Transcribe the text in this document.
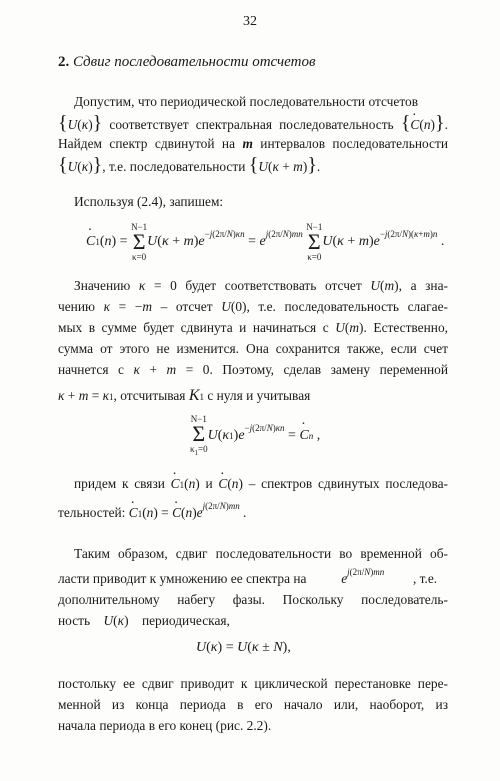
32
2. Сдвиг последовательности отсчетов
Допустим, что периодической последовательности отсчетов
{U(κ)} соответствует спектральная последовательность {· C(n)}.
Найдем спектр сдвинутой на m интервалов последовательности
{U(κ)}, т.е. последовательности {U(κ + m)}.
Используя (2.4), запишем:
· C1(n) = N−1
Σ
$\kappa=0U(\kappa + m)e^{-j(2\pi/N)\kappa n} = e^{j(2\pi/N)mn}$ N−1
Σ
$\kappa=0U(\kappa + m)e^{-j(2\pi/N)(\kappa+m)n}$ .
Значению κ = 0 будет соответствовать отсчет U(m), а зна-
чению κ = −m – отсчет U(0), т.е. последовательность слагае-
мых в сумме будет сдвинута и начинаться с U(m). Естественно,
сумма от этого не изменится. Она сохранится также, если счет
начнется с κ + m = 0. Поэтому, сделав замену переменной
κ + m = κ1, отсчитывая Κ1 с нуля и учитывая
N−1
Σ
$\kappa_1=0U(\kappa 1)e^{-j(2\pi/N)\kappa n}$ = · Cn ,
придем к связи · C1(n) и · C(n) – спектров сдвинутых последова-
тельностей: · C1(n) = · $C(n)e^{j(2\pi/N)mn}$ .
Таким образом, сдвиг последовательности во временной об-
ласти приводит к умножению ее спектра на	$e^{j(2\pi/N)mn}$ , т.е.
дополнительному набегу фазы. Поскольку последователь-
ность U(κ)    периодическая,
U(κ) = U(κ ± N),
постольку ее сдвиг приводит к циклической перестановке пере-
менной из конца периода в его начало или, наоборот, из
начала периода в его конец (рис. 2.2).
